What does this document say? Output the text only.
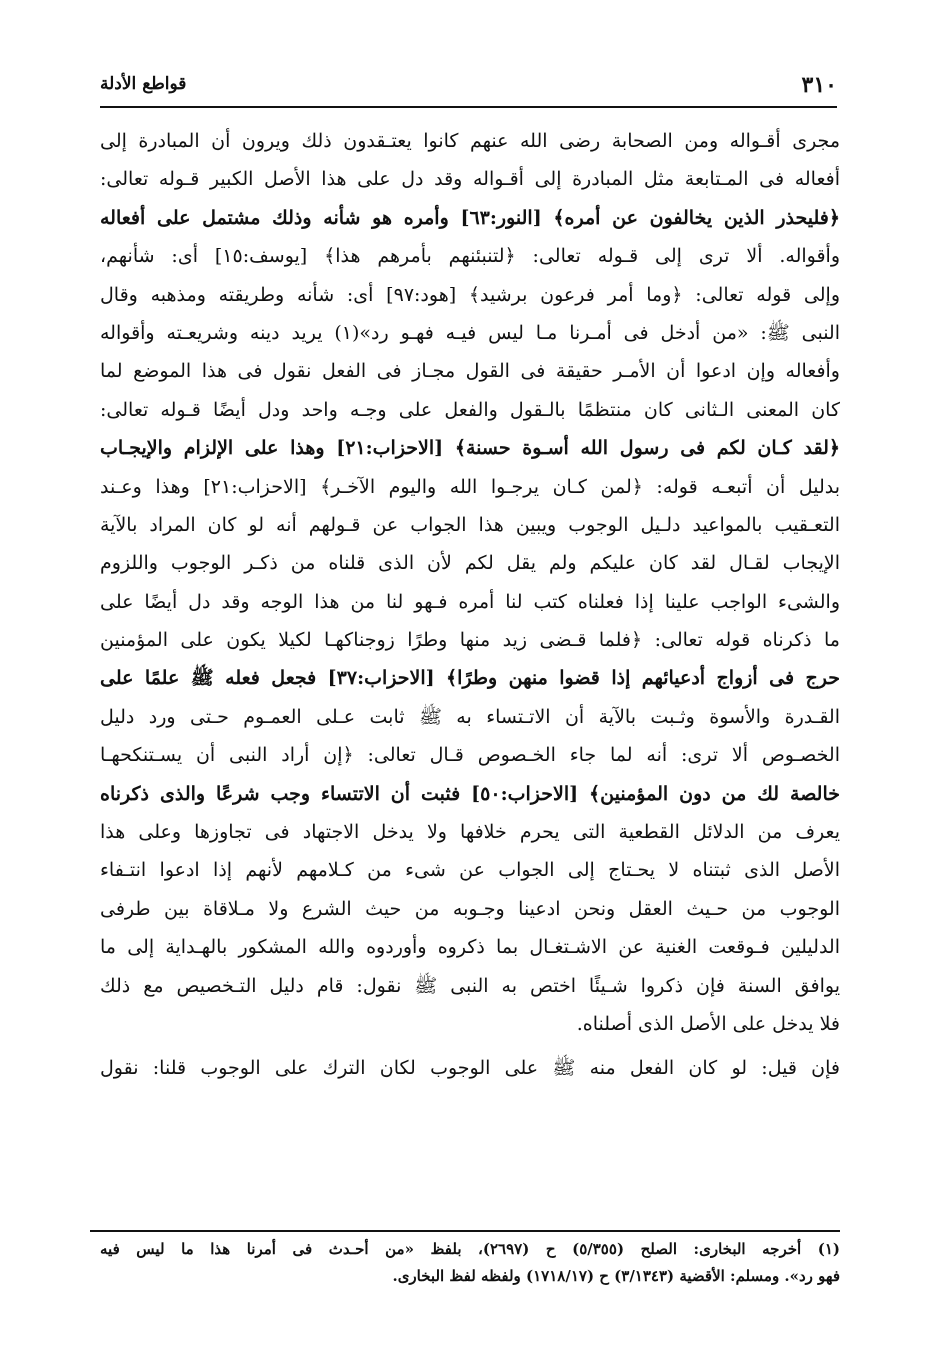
٣١٠
قواطع الأدلة
مجرى أقـواله ومن الصحابة رضى الله عنهم كانوا يعتـقدون ذلك ويرون أن المبادرة إلى
أفعاله فى المـتابعة مثل المبادرة إلى أقـواله وقد دل على هذا الأصل الكبير قـوله تعالى:
﴿فليحذر الذين يخالفون عن أمره﴾ [النور:٦٣] وأمره هو شأنه وذلك مشتمل على أفعاله
وأقواله. ألا ترى إلى قـوله تعالى: ﴿لتنبئنهم بأمرهم هذا﴾ [يوسف:١٥] أى: شأنهم،
وإلى قوله تعالى: ﴿وما أمر فرعون برشيد﴾ [هود:٩٧] أى: شأنه وطريقته ومذهبه وقال
النبى ﷺ: «من أدخل فى أمـرنا مـا ليس فيـه فهـو رد»(١) يريد دينه وشريعـته وأقواله
وأفعاله وإن ادعوا أن الأمـر حقيقة فى القول مجـاز فى الفعل نقول فى هذا الموضع لما
كان المعنى الـثانى كان منتظمًا بالـقول والفعل على وجـه واحد ودل أيضًا قـوله تعالى:
﴿لقد كـان لكم فى رسول الله أسـوة حسنة﴾ [الاحزاب:٢١] وهذا على الإلزام والإيجـاب
بدليل أن أتبعـه قوله: ﴿لمن كـان يرجـوا الله واليوم الآخـر﴾ [الاحزاب:٢١] وهذا وعـند
التعـقيب بالمواعيد دلـيل الوجوب ويبين هذا الجواب عن قـولهم أنه لو كان المراد بالآية
الإيجاب لقـال لقد كان عليكم ولم يقل لكم لأن الذى قلناه من ذكـر الوجوب واللزوم
والشىء الواجب علينا إذا فعلناه كتب لنا أمره فـهو لنا من هذا الوجه وقد دل أيضًا على
ما ذكرناه قوله تعالى: ﴿فلما قـضى زيد منها وطرًا زوجناكهـا لكيلا يكون على المؤمنين
حرج فى أزواج أدعيائهم إذا قضوا منهن وطرًا﴾ [الاحزاب:٣٧] فجعل فعله ﷺ علمًا على
القـدرة والأسوة وثـبت بالآية أن الاتـتساء به ﷺ ثابت عـلى العمـوم حـتى ورد دليل
الخصـوص ألا ترى: أنه لما جاء الخـصوص قـال تعالى: ﴿إن أراد النبى أن يسـتنكحهـا
خالصة لك من دون المؤمنين﴾ [الاحزاب:٥٠] فثبت أن الاتتساء وجب شرعًا والذى ذكرناه
يعرف من الدلائل القطعية التى يحرم خلافها ولا يدخل الاجتهاد فى تجاوزها وعلى هذا
الأصل الذى ثبتناه لا يحـتاج إلى الجواب عن شىء من كـلامهم لأنهم إذا ادعوا انتـفاء
الوجوب من حـيث العقل ونحن ادعينا وجـوبه من حيث الشرع ولا مـلاقاة بين طرفى
الدليلين فـوقعت الغنية عن الاشـتغـال بما ذكروه وأوردوه والله المشكور بالهـداية إلى ما
يوافق السنة فإن ذكروا شـيئًا اختص به النبى ﷺ نقول: قام دليل التـخصيص مع ذلك
فلا يدخل على الأصل الذى أصلناه.
فإن قيل: لو كان الفعل منه ﷺ على الوجوب لكان الترك على الوجوب قلنا: نقول
(١) أخرجه البخارى: الصلح (٥/٣٥٥) ح (٢٦٩٧)، بلفظ «من أحـدث فى أمرنا هذا ما ليس فيه
فهو رد». ومسلم: الأقضية (٣/١٣٤٣) ح (١٧١٨/١٧) ولفظه لفظ البخارى.
